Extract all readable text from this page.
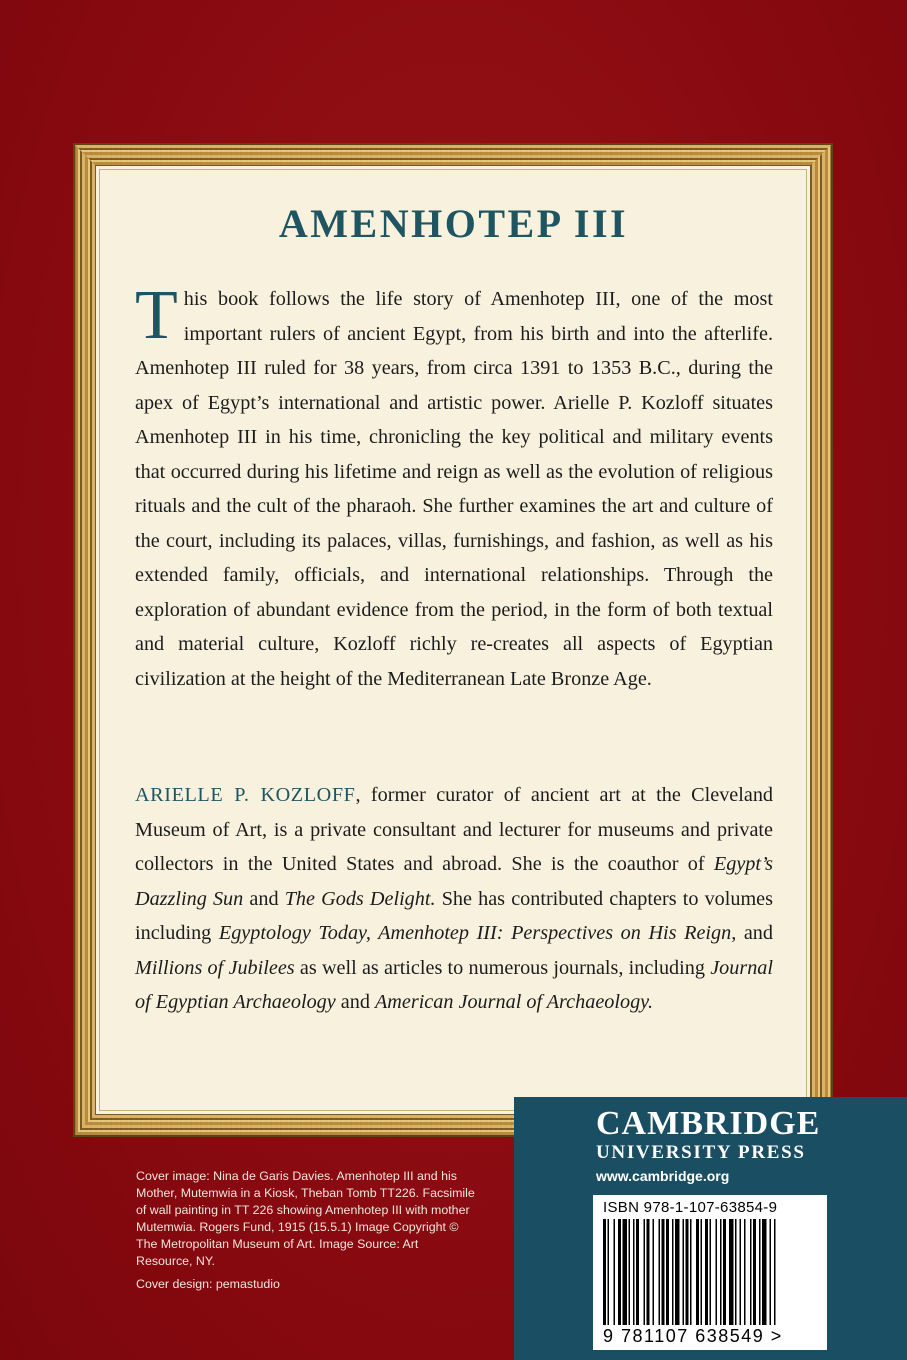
AMENHOTEP III

This book follows the life story of Amenhotep III, one of the most important rulers of ancient Egypt, from his birth and into the afterlife. Amenhotep III ruled for 38 years, from circa 1391 to 1353 B.C., during the apex of Egypt’s international and artistic power. Arielle P. Kozloff situates Amenhotep III in his time, chronicling the key political and military events that occurred during his lifetime and reign as well as the evolution of religious rituals and the cult of the pharaoh. She further examines the art and culture of the court, including its palaces, villas, furnishings, and fashion, as well as his extended family, officials, and international relationships. Through the exploration of abundant evidence from the period, in the form of both textual and material culture, Kozloff richly re-creates all aspects of Egyptian civilization at the height of the Mediterranean Late Bronze Age.

ARIELLE P. KOZLOFF, former curator of ancient art at the Cleveland Museum of Art, is a private consultant and lecturer for museums and private collectors in the United States and abroad. She is the coauthor of Egypt’s Dazzling Sun and The Gods Delight. She has contributed chapters to volumes including Egyptology Today, Amenhotep III: Perspectives on His Reign, and Millions of Jubilees as well as articles to numerous journals, including Journal of Egyptian Archaeology and American Journal of Archaeology.

Cover image: Nina de Garis Davies. Amenhotep III and his Mother, Mutemwia in a Kiosk, Theban Tomb TT226. Facsimile of wall painting in TT 226 showing Amenhotep III with mother Mutemwia. Rogers Fund, 1915 (15.5.1) Image Copyright © The Metropolitan Museum of Art. Image Source: Art Resource, NY.

Cover design: pemastudio

CAMBRIDGE
UNIVERSITY PRESS
www.cambridge.org
ISBN 978-1-107-63854-9
9 781107 638549 >
